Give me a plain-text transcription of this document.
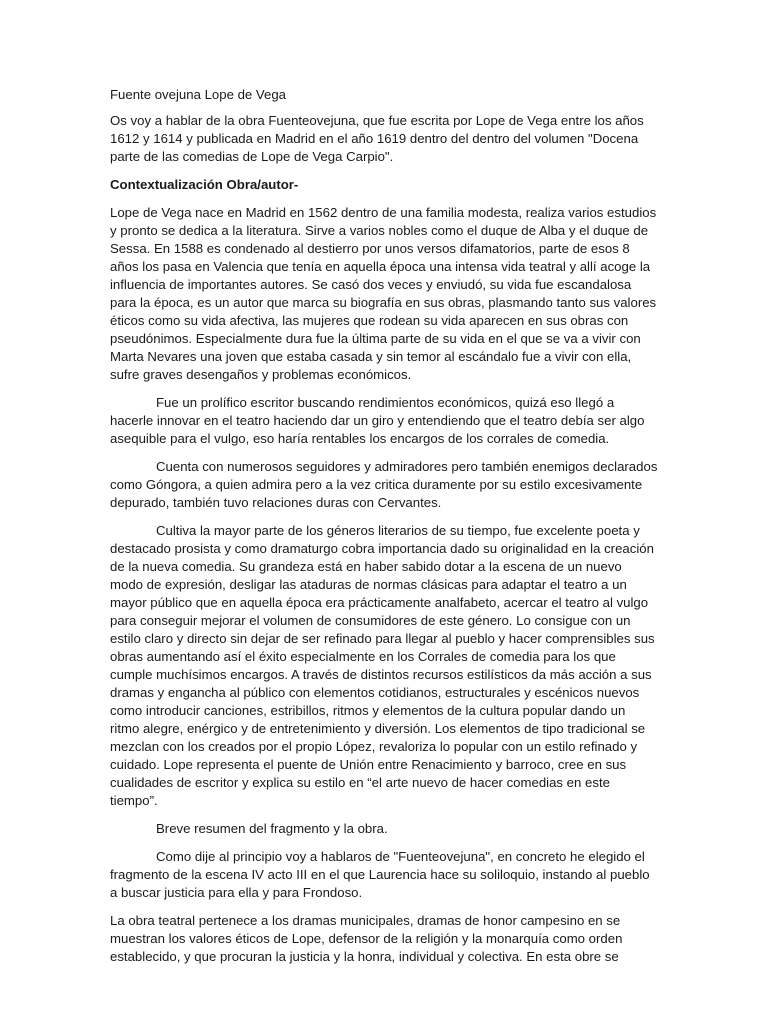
Fuente ovejuna Lope de Vega

Os voy a hablar de la obra Fuenteovejuna, que fue escrita por Lope de Vega entre los años 1612 y 1614 y publicada en Madrid en el año 1619 dentro del dentro del volumen "Docena parte de las comedias de Lope de Vega Carpio".

Contextualización Obra/autor-

Lope de Vega nace en Madrid en 1562 dentro de una familia modesta, realiza varios estudios y pronto se dedica a la literatura. Sirve a varios nobles como el duque de Alba y el duque de Sessa. En 1588 es condenado al destierro por unos versos difamatorios, parte de esos 8 años los pasa en Valencia que tenía en aquella época una intensa vida teatral y allí acoge la influencia de importantes autores. Se casó dos veces y enviudó, su vida fue escandalosa para la época, es un autor que marca su biografía en sus obras, plasmando tanto sus valores éticos como su vida afectiva, las mujeres que rodean su vida aparecen en sus obras con pseudónimos. Especialmente dura fue la última parte de su vida en el que se va a vivir con Marta Nevares una joven que estaba casada y sin temor al escándalo fue a vivir con ella, sufre graves desengaños y problemas económicos.

Fue un prolífico escritor buscando rendimientos económicos, quizá eso llegó a hacerle innovar en el teatro haciendo dar un giro y entendiendo que el teatro debía ser algo asequible para el vulgo, eso haría rentables los encargos de los corrales de comedia.

Cuenta con numerosos seguidores y admiradores pero también enemigos declarados como Góngora, a quien admira pero a la vez critica duramente por su estilo excesivamente depurado, también tuvo relaciones duras con Cervantes.

Cultiva la mayor parte de los géneros literarios de su tiempo, fue excelente poeta y destacado prosista y como dramaturgo cobra importancia dado su originalidad en la creación de la nueva comedia. Su grandeza está en haber sabido dotar a la escena de un nuevo modo de expresión, desligar las ataduras de normas clásicas para adaptar el teatro a un mayor público que en aquella época era prácticamente analfabeto, acercar el teatro al vulgo para conseguir mejorar el volumen de consumidores de este género. Lo consigue con un estilo claro y directo sin dejar de ser refinado para llegar al pueblo y hacer comprensibles sus obras aumentando así el éxito especialmente en los Corrales de comedia para los que cumple muchísimos encargos. A través de distintos recursos estilísticos da más acción a sus dramas y engancha al público con elementos cotidianos, estructurales y escénicos nuevos como introducir canciones, estribillos, ritmos y elementos de la cultura popular dando un ritmo alegre, enérgico y de entretenimiento y diversión. Los elementos de tipo tradicional se mezclan con los creados por el propio López, revaloriza lo popular con un estilo refinado y cuidado. Lope representa el puente de Unión entre Renacimiento y barroco, cree en sus cualidades de escritor y explica su estilo en “el arte nuevo de hacer comedias en este tiempo”.

Breve resumen del fragmento y la obra.

Como dije al principio voy a hablaros de "Fuenteovejuna", en concreto he elegido el fragmento de la escena IV acto III en el que Laurencia hace su soliloquio, instando al pueblo a buscar justicia para ella y para Frondoso.

La obra teatral pertenece a los dramas municipales, dramas de honor campesino en se muestran los valores éticos de Lope, defensor de la religión y la monarquía como orden establecido, y que procuran la justicia y la honra, individual y colectiva. En esta obre se
